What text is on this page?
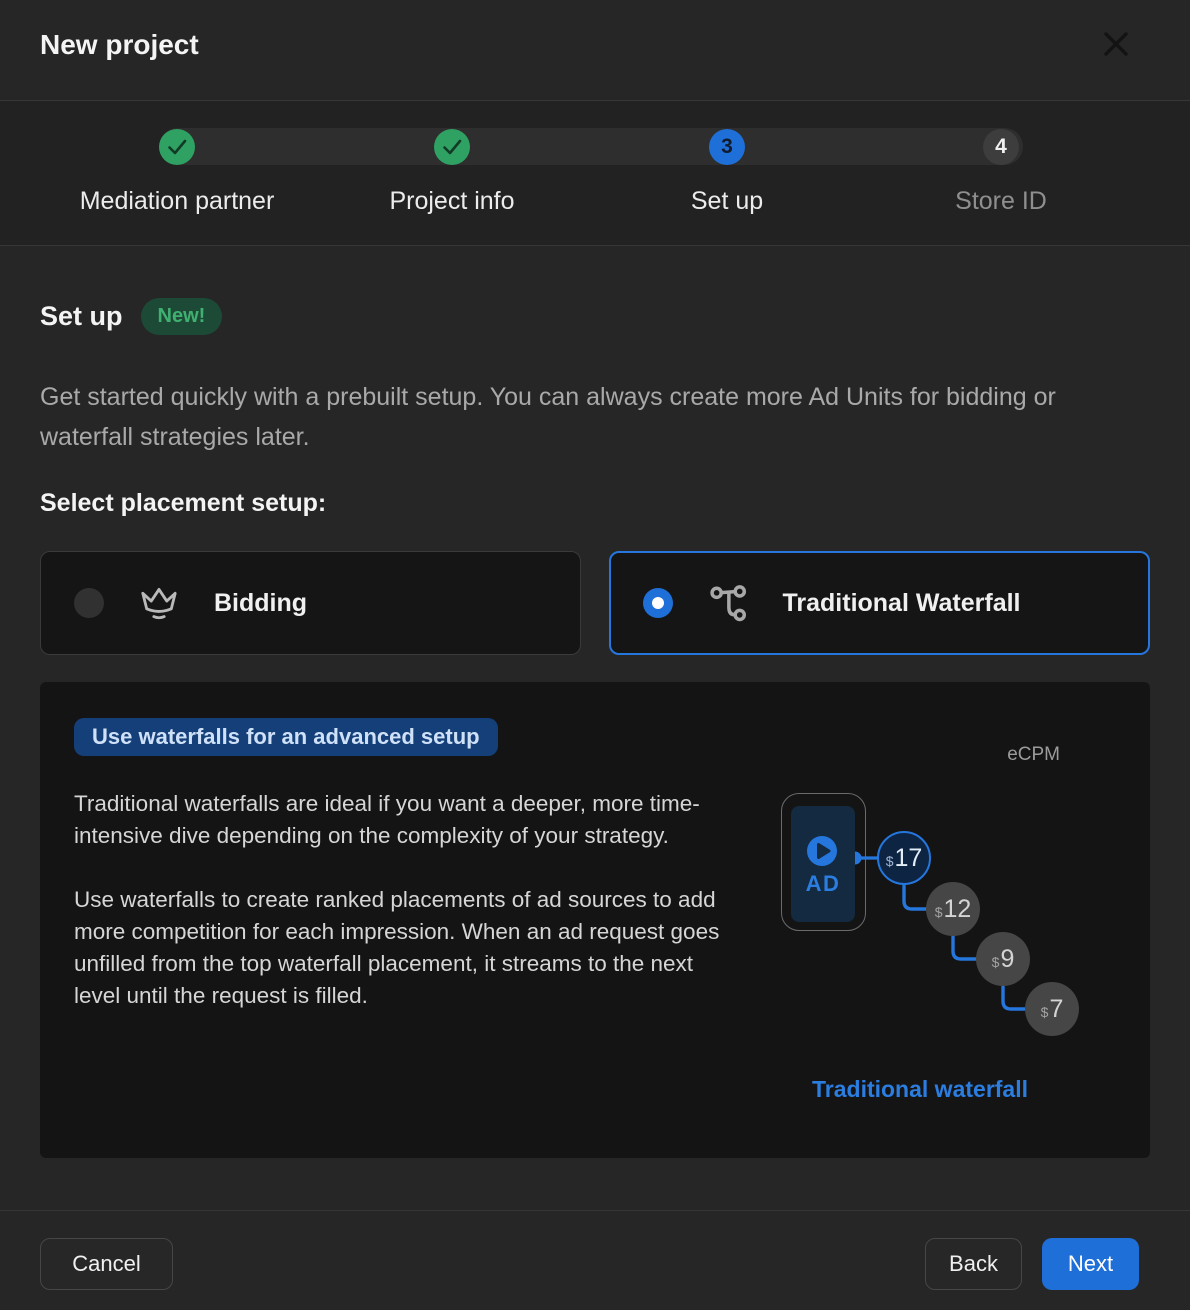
New project
3	4
Mediation partner	Project info	Set up	Store ID
Set up	New!
Get started quickly with a prebuilt setup. You can always create more Ad Units for bidding or waterfall strategies later.
Select placement setup:
Bidding	Traditional Waterfall
Use waterfalls for an advanced setup
Traditional waterfalls are ideal if you want a deeper, more time-intensive dive depending on the complexity of your strategy.
Use waterfalls to create ranked placements of ad sources to add more competition for each impression. When an ad request goes unfilled from the top waterfall placement, it streams to the next level until the request is filled.
eCPM
AD
$ 17
$ 12
$ 9
$ 7
Traditional waterfall
Cancel	Back	Next
